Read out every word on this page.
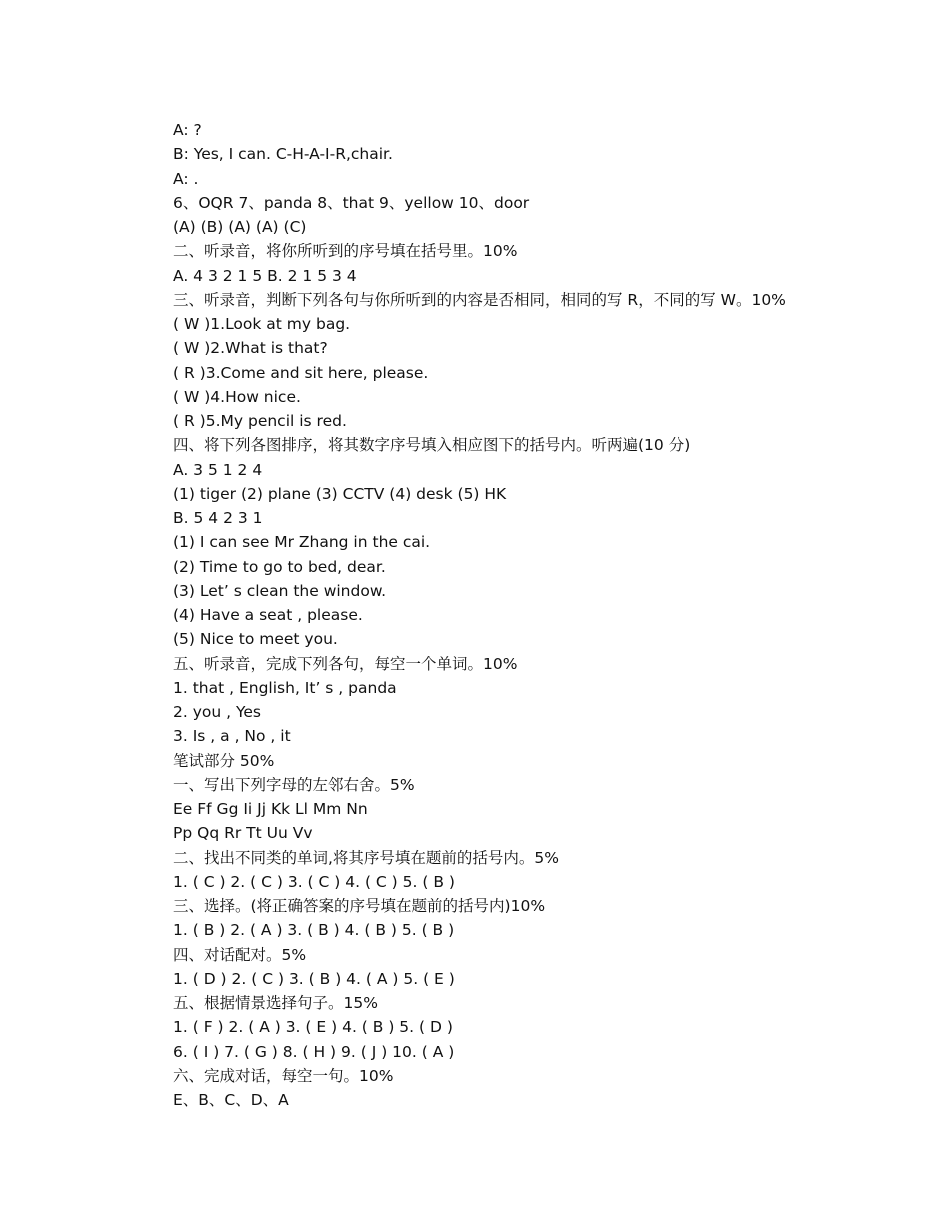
A: ?
B: Yes, I can. C-H-A-I-R,chair.
A: .
6、OQR 7、panda 8、that 9、yellow 10、door
(A) (B) (A) (A) (C)
二、听录音，将你所听到的序号填在括号里。10%
A. 4 3 2 1 5 B. 2 1 5 3 4
三、听录音，判断下列各句与你所听到的内容是否相同，相同的写 R，不同的写 W。10%
( W )1.Look at my bag.
( W )2.What is that?
( R )3.Come and sit here, please.
( W )4.How nice.
( R )5.My pencil is red.
四、将下列各图排序，将其数字序号填入相应图下的括号内。听两遍(10 分)
A. 3 5 1 2 4
(1) tiger (2) plane (3) CCTV (4) desk (5) HK
B. 5 4 2 3 1
(1) I can see Mr Zhang in the cai.
(2) Time to go to bed, dear.
(3) Let’ s clean the window.
(4) Have a seat , please.
(5) Nice to meet you.
五、听录音，完成下列各句，每空一个单词。10%
1. that , English, It’ s , panda
2. you , Yes
3. Is , a , No , it
笔试部分 50%
一、写出下列字母的左邻右舍。5%
Ee Ff Gg Ii Jj Kk Ll Mm Nn
Pp Qq Rr Tt Uu Vv
二、找出不同类的单词,将其序号填在题前的括号内。5%
1. ( C ) 2. ( C ) 3. ( C ) 4. ( C ) 5. ( B )
三、选择。(将正确答案的序号填在题前的括号内)10%
1. ( B ) 2. ( A ) 3. ( B ) 4. ( B ) 5. ( B )
四、对话配对。5%
1. ( D ) 2. ( C ) 3. ( B ) 4. ( A ) 5. ( E )
五、根据情景选择句子。15%
1. ( F ) 2. ( A ) 3. ( E ) 4. ( B ) 5. ( D )
6. ( I ) 7. ( G ) 8. ( H ) 9. ( J ) 10. ( A )
六、完成对话，每空一句。10%
E、B、C、D、A
